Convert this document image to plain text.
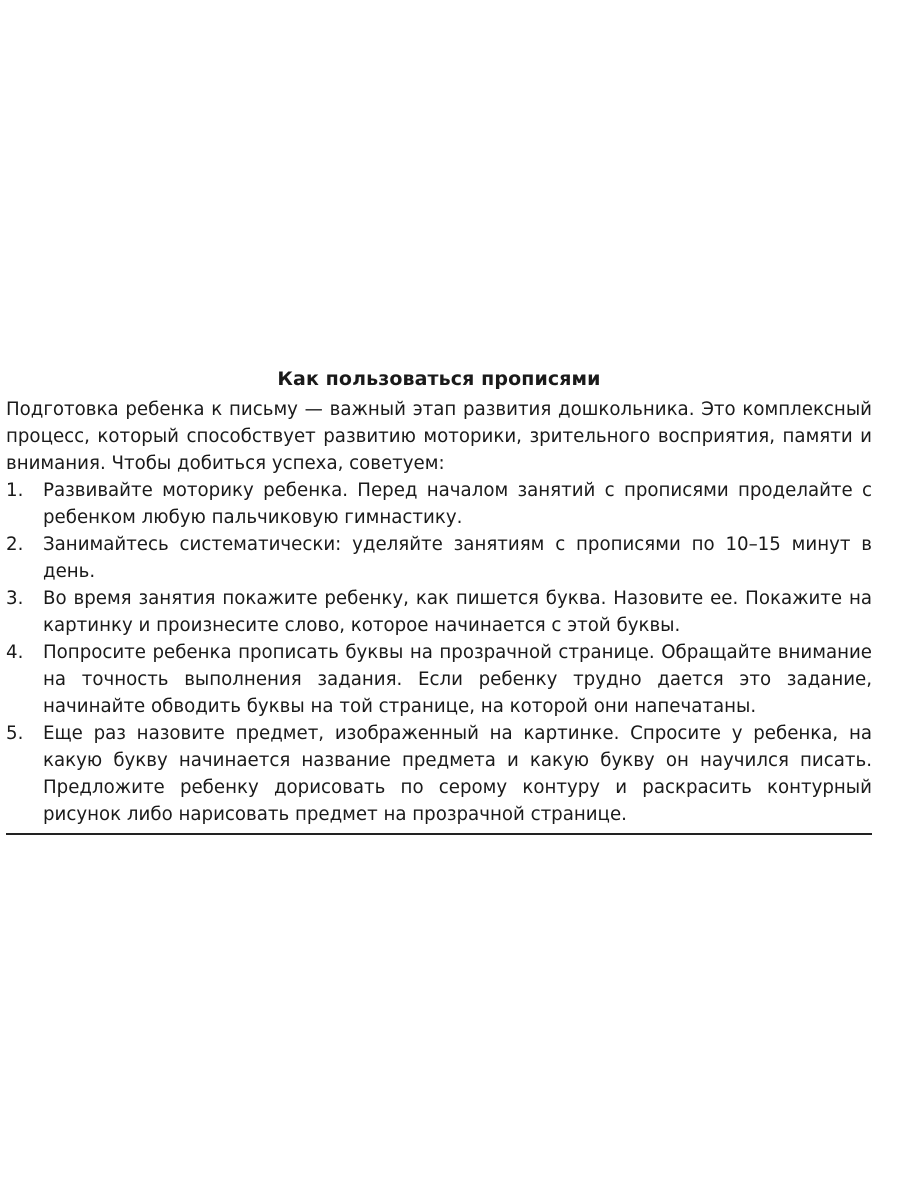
Как пользоваться прописями

Подготовка ребенка к письму — важный этап развития дошкольника. Это комплексный процесс, который способствует развитию моторики, зрительного восприятия, памяти и внимания. Чтобы добиться успеха, советуем:

1.	Развивайте моторику ребенка. Перед началом занятий с прописями проделайте с ребенком любую пальчиковую гимнастику.
2.	Занимайтесь систематически: уделяйте занятиям с прописями по 10–15 минут в день.
3.	Во время занятия покажите ребенку, как пишется буква. Назовите ее. Покажите на картинку и произнесите слово, которое начинается с этой буквы.
4.	Попросите ребенка прописать буквы на прозрачной странице. Обращайте внимание на точность выполнения задания. Если ребенку трудно дается это задание, начинайте обводить буквы на той странице, на которой они напечатаны.
5.	Еще раз назовите предмет, изображенный на картинке. Спросите у ребенка, на какую букву начинается название предмета и какую букву он научился писать. Предложите ребенку дорисовать по серому контуру и раскрасить контурный рисунок либо нарисовать предмет на прозрачной странице.
